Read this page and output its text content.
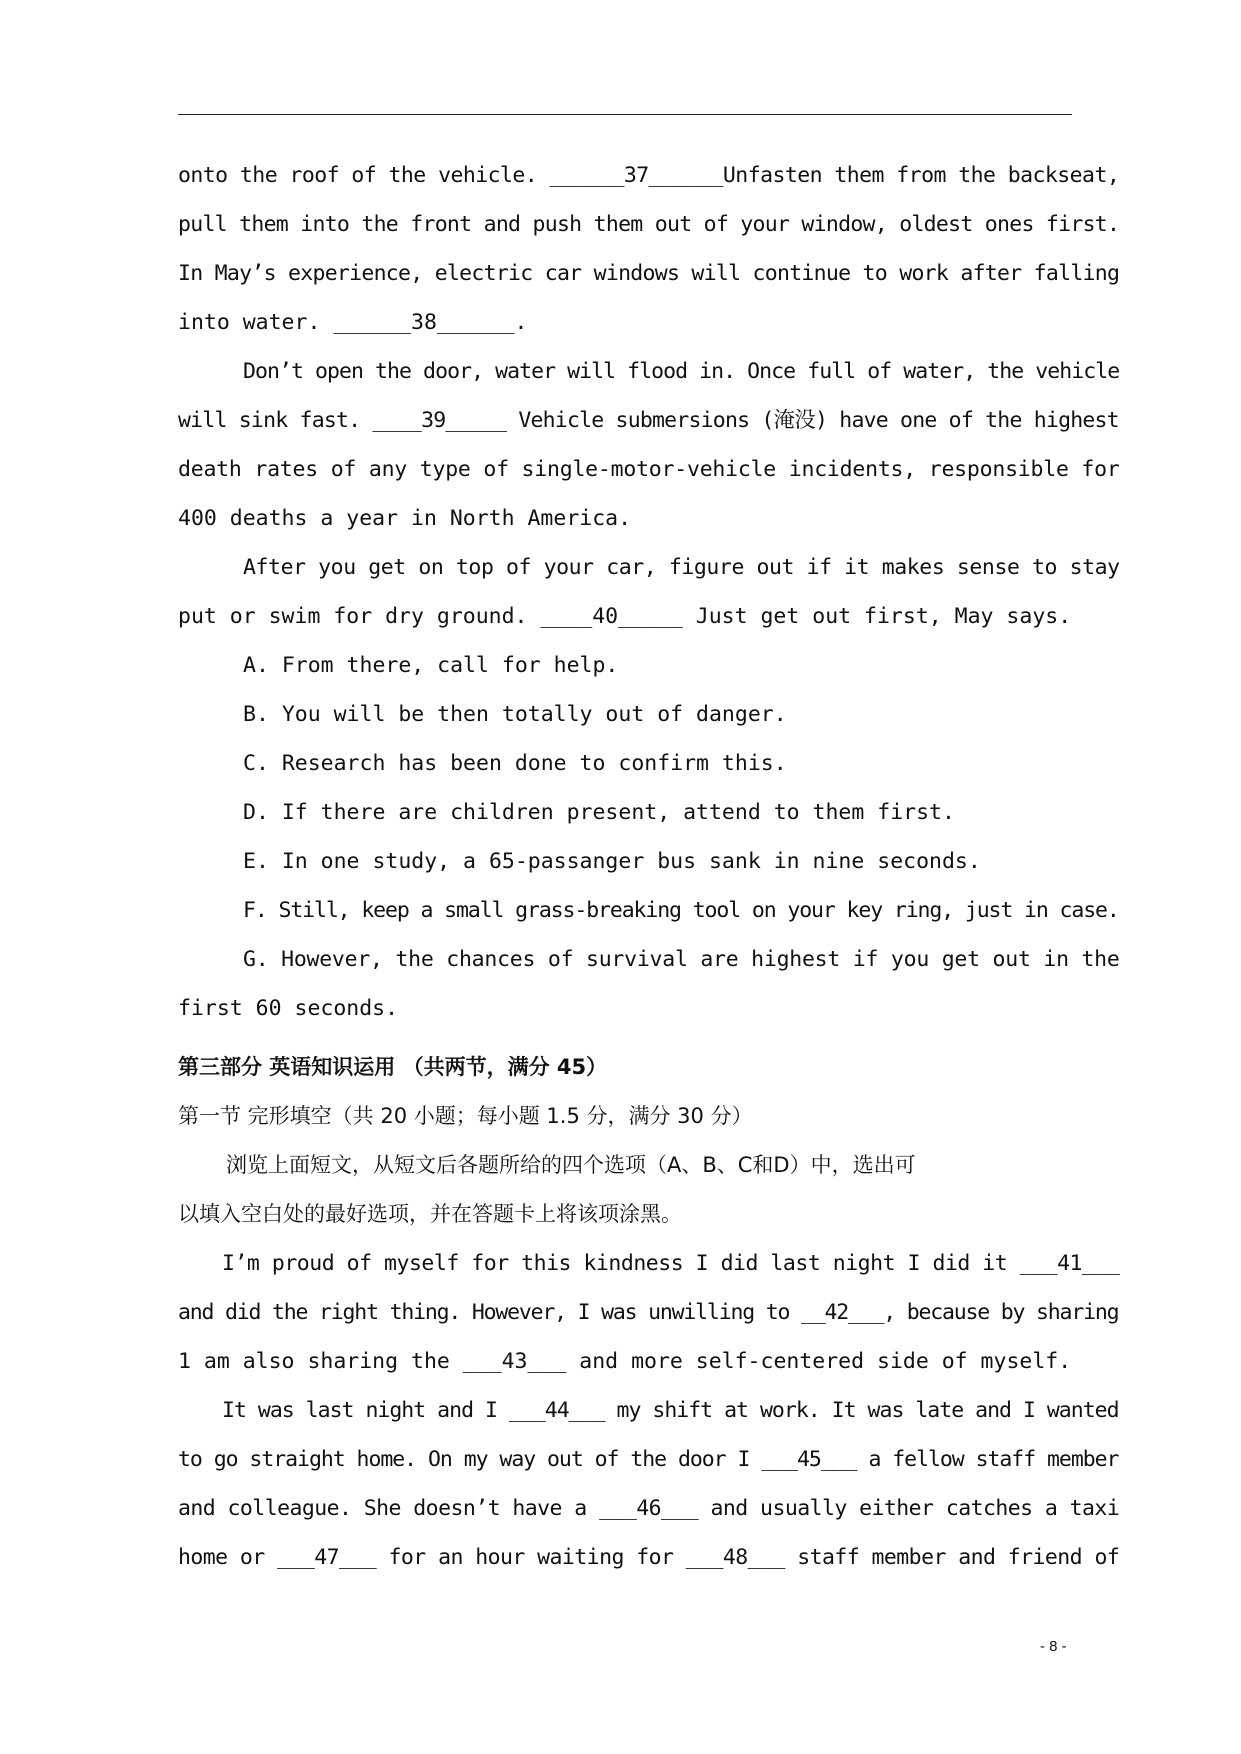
onto the roof of the vehicle. ______37______Unfasten them from the backseat,
pull them into the front and push them out of your window, oldest ones first.
In May’s experience, electric car windows will continue to work after falling
into water. ______38______.
Don’t open the door, water will flood in. Once full of water, the vehicle
will sink fast. ____39_____ Vehicle submersions (淹没) have one of the highest
death rates of any type of single-motor-vehicle incidents, responsible for
400 deaths a year in North America.
After you get on top of your car, figure out if it makes sense to stay
put or swim for dry ground. ____40_____ Just get out first, May says.
A. From there, call for help.
B. You will be then totally out of danger.
C. Research has been done to confirm this.
D. If there are children present, attend to them first.
E. In one study, a 65-passanger bus sank in nine seconds.
F. Still, keep a small grass-breaking tool on your key ring, just in case.
G. However, the chances of survival are highest if you get out in the
first 60 seconds.
第三部分 英语知识运用 （共两节，满分 45）
第一节 完形填空（共 20 小题；每小题 1.5 分，满分 30 分）
浏览上面短文，从短文后各题所给的四个选项（A、B、C和D）中，选出可
以填入空白处的最好选项，并在答题卡上将该项涂黑。
I’m proud of myself for this kindness I did last night I did it ___41___
and did the right thing. However, I was unwilling to __42___, because by sharing
1 am also sharing the ___43___ and more self-centered side of myself.
It was last night and I ___44___ my shift at work. It was late and I wanted
to go straight home. On my way out of the door I ___45___ a fellow staff member
and colleague. She doesn’t have a ___46___ and usually either catches a taxi
home or ___47___ for an hour waiting for ___48___ staff member and friend of
- 8 -
